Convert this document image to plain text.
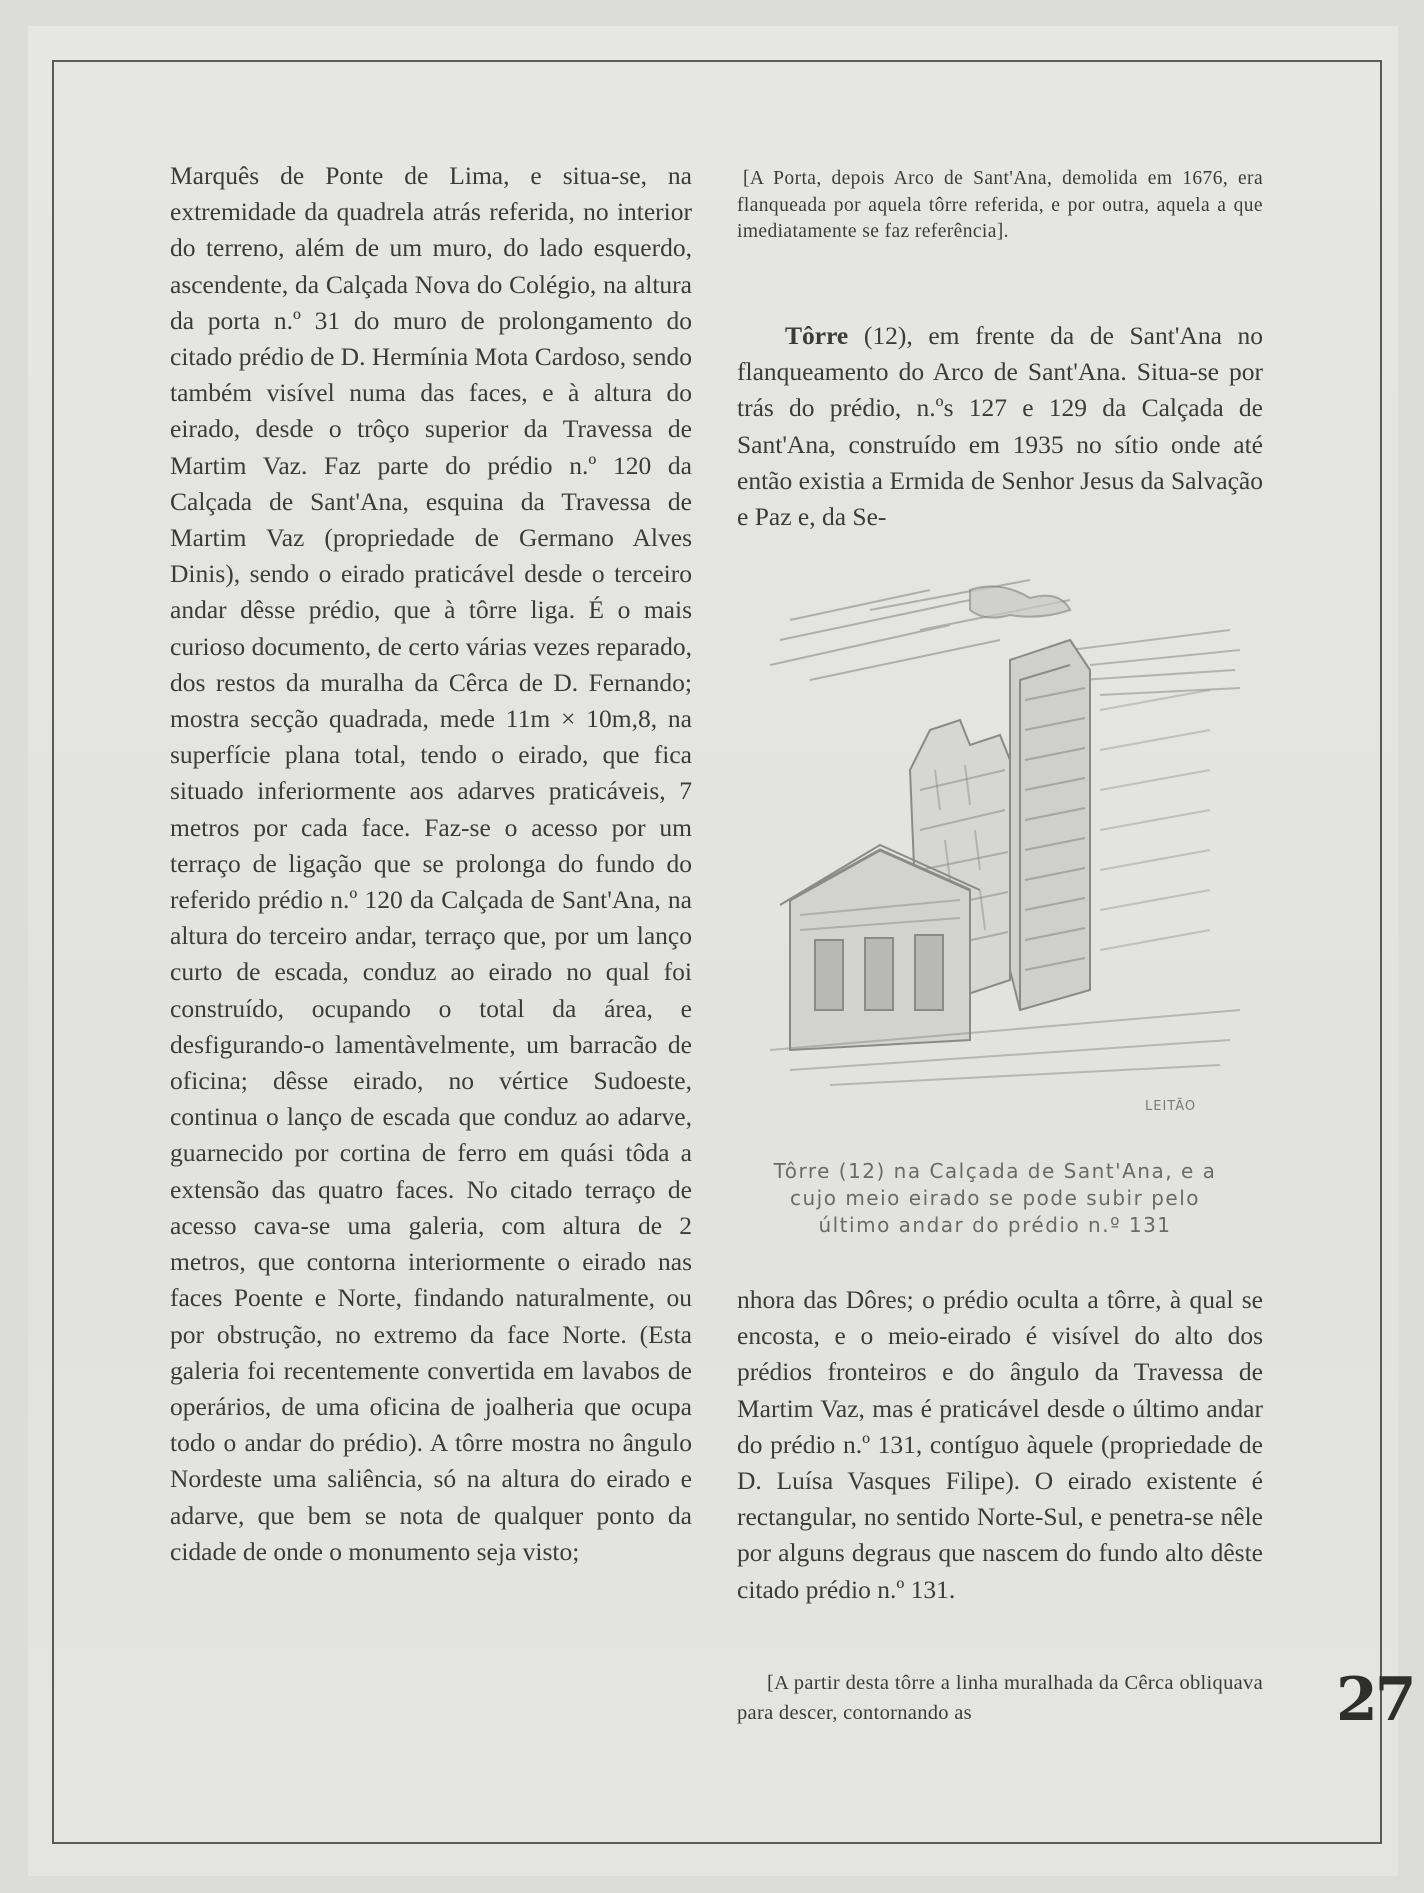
Marquês de Ponte de Lima, e situa-se, na extremidade da quadrela atrás referida, no interior do terreno, além de um muro, do lado esquerdo, ascendente, da Calçada Nova do Colégio, na altura da porta n.º 31 do muro de prolongamento do citado prédio de D. Hermínia Mota Cardoso, sendo também visível numa das faces, e à altura do eirado, desde o trôço superior da Travessa de Martim Vaz. Faz parte do prédio n.º 120 da Calçada de Sant'Ana, esquina da Travessa de Martim Vaz (propriedade de Germano Alves Dinis), sendo o eirado praticável desde o terceiro andar dêsse prédio, que à tôrre liga. É o mais curioso documento, de certo várias vezes reparado, dos restos da muralha da Cêrca de D. Fernando; mostra secção quadrada, mede 11m × 10m,8, na superfície plana total, tendo o eirado, que fica situado inferiormente aos adarves praticáveis, 7 metros por cada face. Faz-se o acesso por um terraço de ligação que se prolonga do fundo do referido prédio n.º 120 da Calçada de Sant'Ana, na altura do terceiro andar, terraço que, por um lanço curto de escada, conduz ao eirado no qual foi construído, ocupando o total da área, e desfigurando-o lamentàvelmente, um barracão de oficina; dêsse eirado, no vértice Sudoeste, continua o lanço de escada que conduz ao adarve, guarnecido por cortina de ferro em quási tôda a extensão das quatro faces. No citado terraço de acesso cava-se uma galeria, com altura de 2 metros, que contorna interiormente o eirado nas faces Poente e Norte, findando naturalmente, ou por obstrução, no extremo da face Norte. (Esta galeria foi recentemente convertida em lavabos de operários, de uma oficina de joalheria que ocupa todo o andar do prédio). A tôrre mostra no ângulo Nordeste uma saliência, só na altura do eirado e adarve, que bem se nota de qualquer ponto da cidade de onde o monumento seja visto;

[A Porta, depois Arco de Sant'Ana, demolida em 1676, era flanqueada por aquela tôrre referida, e por outra, aquela a que imediatamente se faz referência].

Tôrre (12), em frente da de Sant'Ana no flanqueamento do Arco de Sant'Ana. Situa-se por trás do prédio, n.ºs 127 e 129 da Calçada de Sant'Ana, construído em 1935 no sítio onde até então existia a Ermida de Senhor Jesus da Salvação e Paz e, da Se-

LEITÃO
Tôrre (12) na Calçada de Sant'Ana, e a
cujo meio eirado se pode subir pelo
último andar do prédio n.º 131

nhora das Dôres; o prédio oculta a tôrre, à qual se encosta, e o meio-eirado é visível do alto dos prédios fronteiros e do ângulo da Travessa de Martim Vaz, mas é praticável desde o último andar do prédio n.º 131, contíguo àquele (propriedade de D. Luísa Vasques Filipe). O eirado existente é rectangular, no sentido Norte-Sul, e penetra-se nêle por alguns degraus que nascem do fundo alto dêste citado prédio n.º 131.

[A partir desta tôrre a linha muralhada da Cêrca obliquava para descer, contornando as	27
